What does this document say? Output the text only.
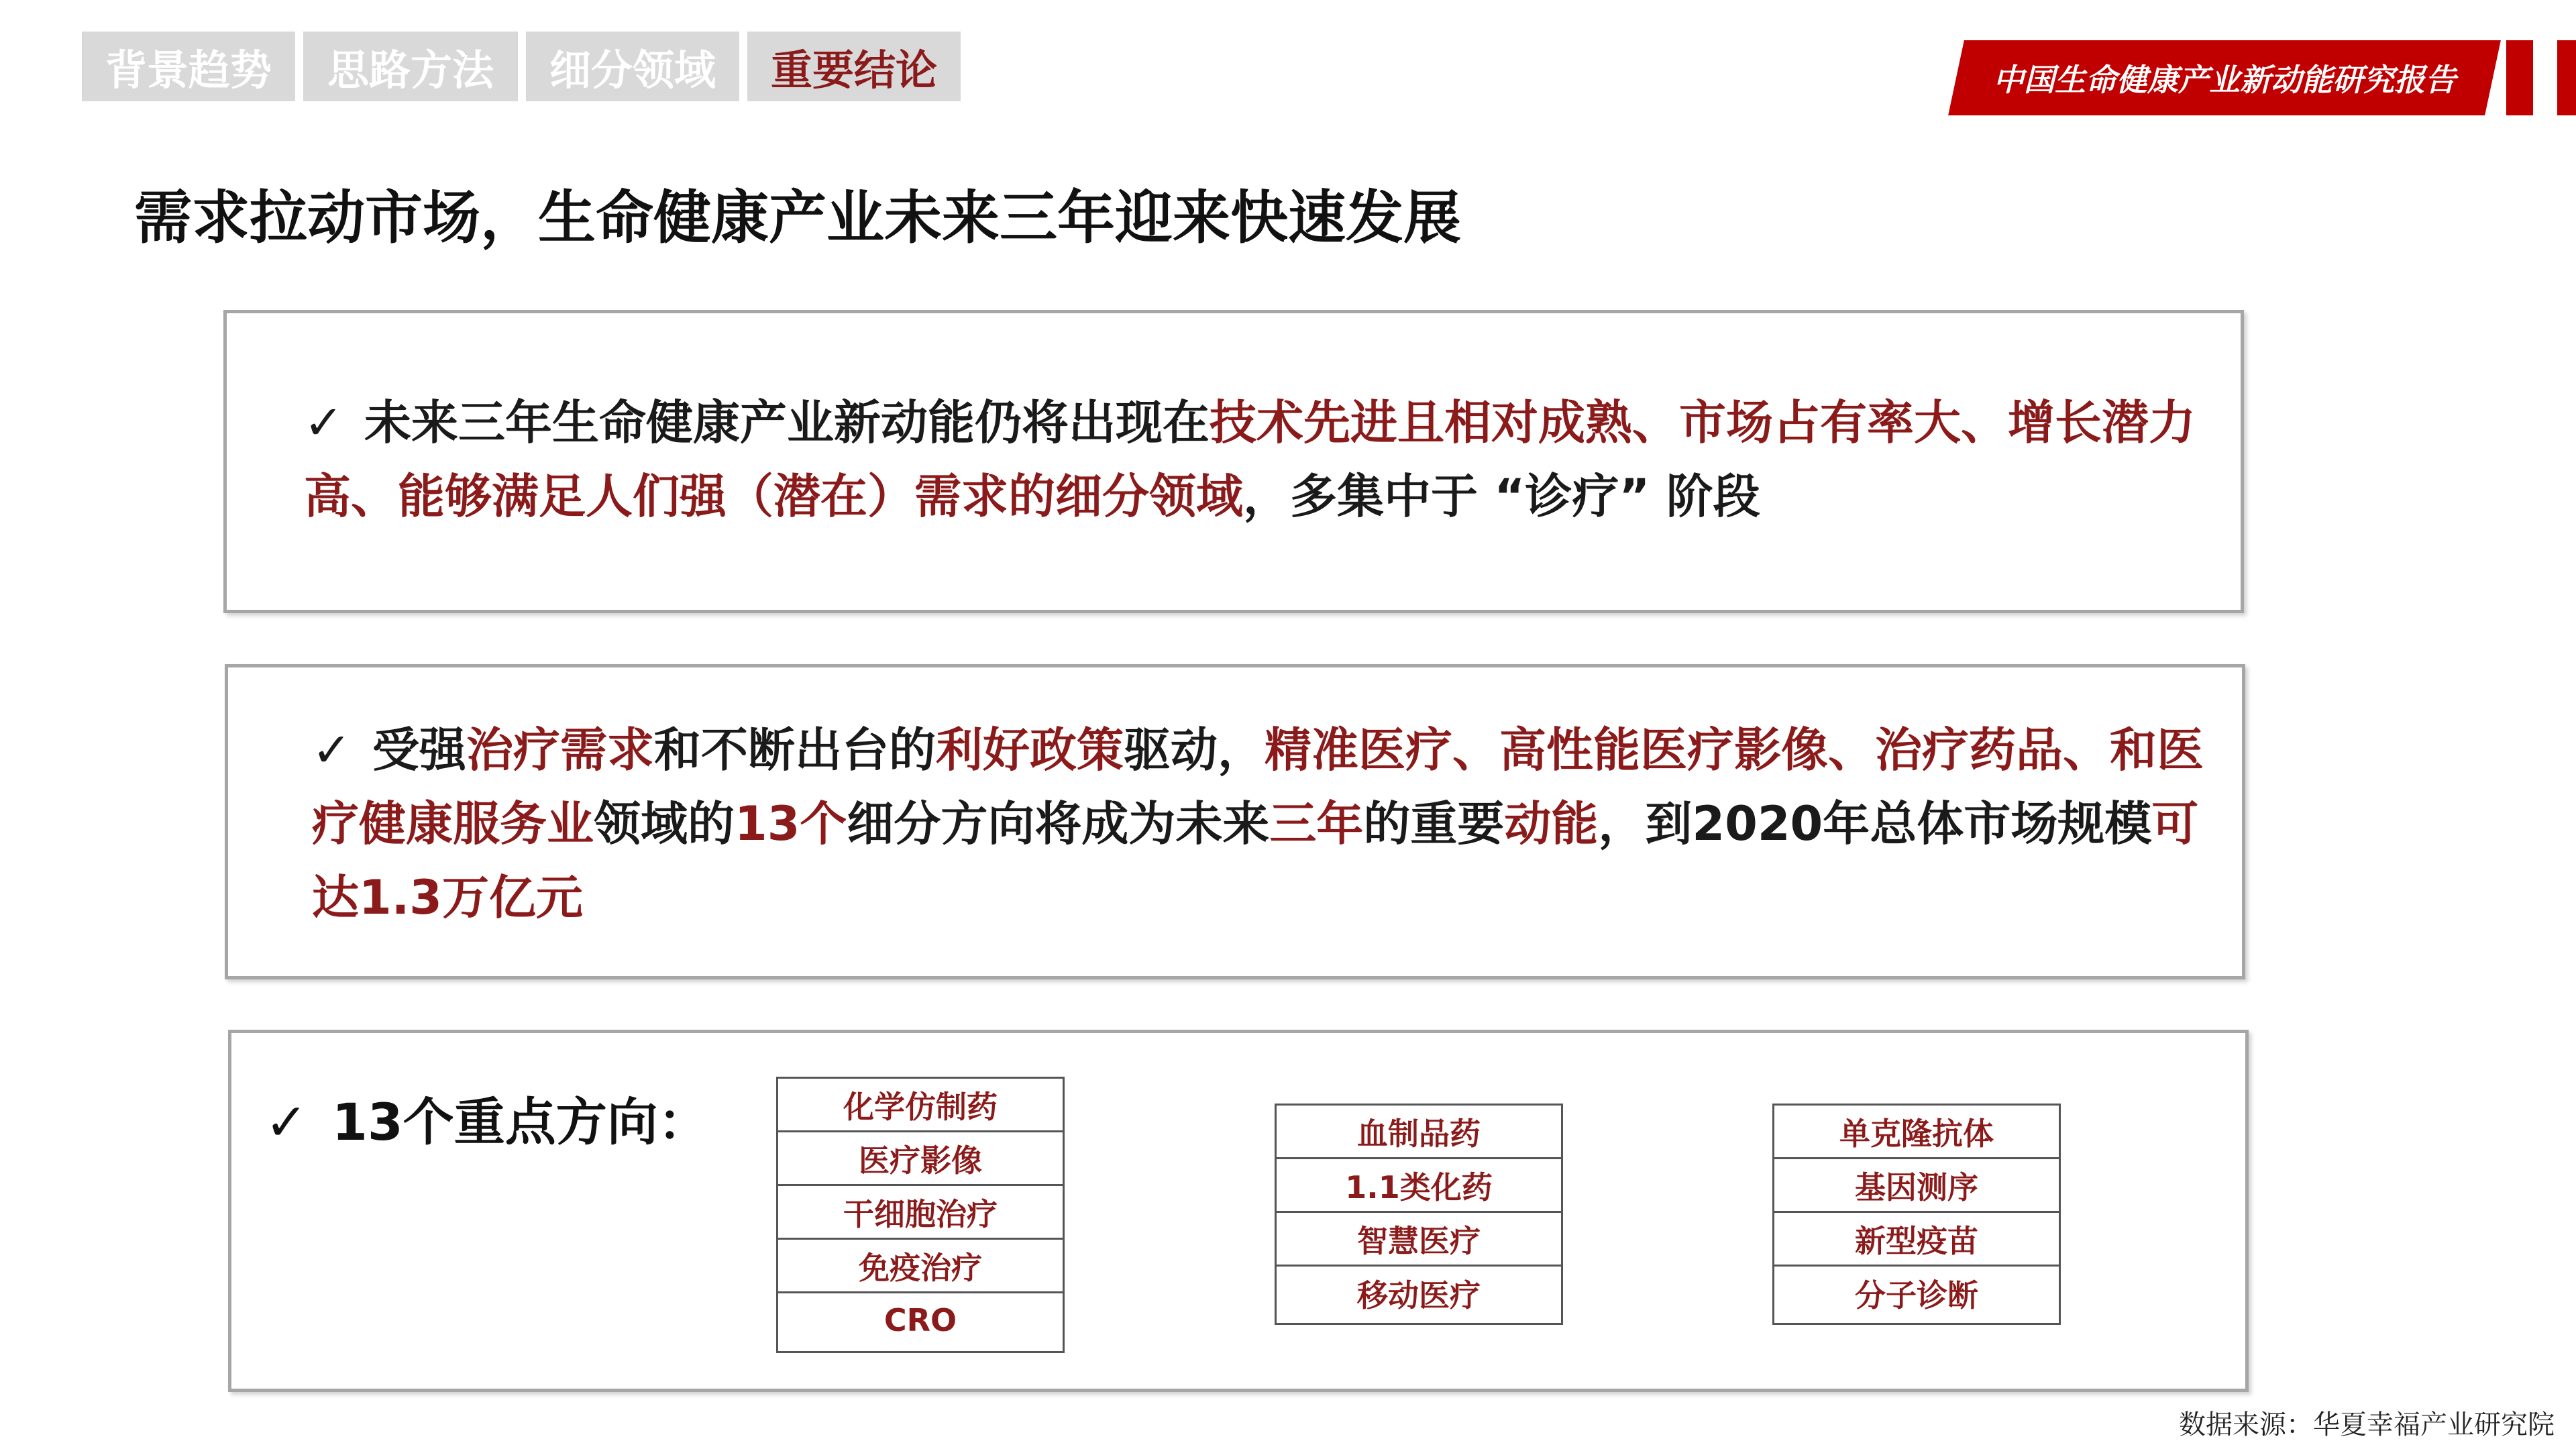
背景趋势	思路方法	细分领域	重要结论	中国生命健康产业新动能研究报告
需求拉动市场，生命健康产业未来三年迎来快速发展
✓ 未来三年生命健康产业新动能仍将出现在技术先进且相对成熟、市场占有率大、增长潜力高、能够满足人们强（潜在）需求的细分领域，多集中于 “诊疗” 阶段
✓ 受强治疗需求和不断出台的利好政策驱动，精准医疗、高性能医疗影像、治疗药品、和医疗健康服务业领域的13个细分方向将成为未来三年的重要动能，到2020年总体市场规模可达1.3万亿元
✓ 13个重点方向：	化学仿制药
医疗影像
干细胞治疗
免疫治疗
CRO
血制品药
1.1类化药
智慧医疗
移动医疗
单克隆抗体
基因测序
新型疫苗
分子诊断
数据来源：华夏幸福产业研究院
